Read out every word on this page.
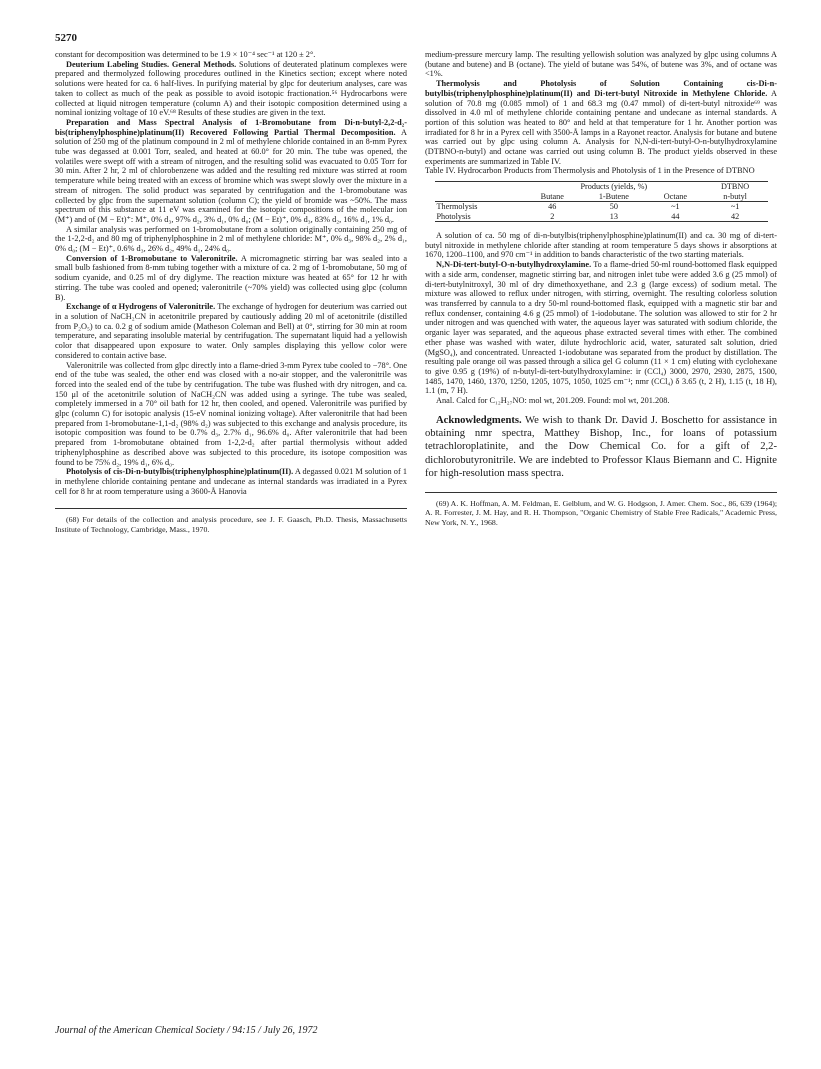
5270

constant for decomposition was determined to be 1.9 × 10⁻⁴ sec⁻¹ at 120 ± 2°.

Deuterium Labeling Studies. General Methods. Solutions of deuterated platinum complexes were prepared and thermolyzed following procedures outlined in the Kinetics section; except where noted solutions were heated for ca. 6 half-lives. In purifying material by glpc for deuterium analyses, care was taken to collect as much of the peak as possible to avoid isotopic fractionation.⁵⁶ Hydrocarbons were collected at liquid nitrogen temperature (column A) and their isotopic composition determined using a nominal ionizing voltage of 10 eV.⁶⁸ Results of these studies are given in the text.

Preparation and Mass Spectral Analysis of 1-Bromobutane from Di-n-butyl-2,2-d₂-bis(triphenylphosphine)platinum(II) Recovered Following Partial Thermal Decomposition. A solution of 250 mg of the platinum compound in 2 ml of methylene chloride contained in an 8-mm Pyrex tube was degassed at 0.001 Torr, sealed, and heated at 60.0° for 20 min. The tube was opened, the volatiles were swept off with a stream of nitrogen, and the resulting solid was evacuated to 0.05 Torr for 30 min. After 2 hr, 2 ml of chlorobenzene was added and the resulting red mixture was stirred at room temperature while being treated with an excess of bromine which was swept slowly over the mixture in a stream of nitrogen. The solid product was separated by centrifugation and the 1-bromobutane was collected by glpc from the supernatant solution (column C); the yield of bromide was ~50%. The mass spectrum of this substance at 11 eV was examined for the isotopic compositions of the molecular ion (M⁺) and of (M − Et)⁺: M⁺, 0% d₃, 97% d₂, 3% d₁, 0% d₀; (M − Et)⁺, 0% d₃, 83% d₂, 16% d₁, 1% d₀.

A similar analysis was performed on 1-bromobutane from a solution originally containing 250 mg of the 1-2,2-d₂ and 80 mg of triphenylphosphine in 2 ml of methylene chloride: M⁺, 0% d₃, 98% d₂, 2% d₁, 0% d₀; (M − Et)⁺, 0.6% d₃, 26% d₂, 49% d₁, 24% d₀.

Conversion of 1-Bromobutane to Valeronitrile. A micromagnetic stirring bar was sealed into a small bulb fashioned from 8-mm tubing together with a mixture of ca. 2 mg of 1-bromobutane, 50 mg of sodium cyanide, and 0.25 ml of dry diglyme. The reaction mixture was heated at 65° for 12 hr with stirring. The tube was cooled and opened; valeronitrile (~70% yield) was collected using glpc (column B).

Exchange of α Hydrogens of Valeronitrile. The exchange of hydrogen for deuterium was carried out in a solution of NaCH₂CN in acetonitrile prepared by cautiously adding 20 ml of acetonitrile (distilled from P₂O₅) to ca. 0.2 g of sodium amide (Matheson Coleman and Bell) at 0°, stirring for 30 min at room temperature, and separating insoluble material by centrifugation. The supernatant liquid had a yellowish color that disappeared upon exposure to water. Only samples displaying this yellow color were considered to contain active base.

Valeronitrile was collected from glpc directly into a flame-dried 3-mm Pyrex tube cooled to −78°. One end of the tube was sealed, the other end was closed with a no-air stopper, and the valeronitrile was forced into the sealed end of the tube by centrifugation. The tube was flushed with dry nitrogen, and ca. 150 μl of the acetonitrile solution of NaCH₂CN was added using a syringe. The tube was sealed, completely immersed in a 70° oil bath for 12 hr, then cooled, and opened. Valeronitrile was purified by glpc (column C) for isotopic analysis (15-eV nominal ionizing voltage). After valeronitrile that had been prepared from 1-bromobutane-1,1-d₂ (98% d₂) was subjected to this exchange and analysis procedure, its isotopic composition was found to be 0.7% d₃, 2.7% d₁, 96.6% d₀. After valeronitrile that had been prepared from 1-bromobutane obtained from 1-2,2-d₂ after partial thermolysis without added triphenylphosphine as described above was subjected to this procedure, its isotope composition was found to be 75% d₂, 19% d₁, 6% d₀.

Photolysis of cis-Di-n-butylbis(triphenylphosphine)platinum(II). A degassed 0.021 M solution of 1 in methylene chloride containing pentane and undecane as internal standards was irradiated in a Pyrex cell for 8 hr at room temperature using a 3600-Å Hanovia

(68) For details of the collection and analysis procedure, see J. F. Gaasch, Ph.D. Thesis, Massachusetts Institute of Technology, Cambridge, Mass., 1970.

medium-pressure mercury lamp. The resulting yellowish solution was analyzed by glpc using columns A (butane and butene) and B (octane). The yield of butane was 54%, of butene was 3%, and of octane was <1%.

Thermolysis and Photolysis of Solution Containing cis-Di-n-butylbis(triphenylphosphine)platinum(II) and Di-tert-butyl Nitroxide in Methylene Chloride. A solution of 70.8 mg (0.085 mmol) of 1 and 68.3 mg (0.47 mmol) of di-tert-butyl nitroxide⁶⁹ was dissolved in 4.0 ml of methylene chloride containing pentane and undecane as internal standards. A portion of this solution was heated to 80° and held at that temperature for 1 hr. Another portion was irradiated for 8 hr in a Pyrex cell with 3500-Å lamps in a Rayonet reactor. Analysis for butane and butene was carried out by glpc using column A. Analysis for N,N-di-tert-butyl-O-n-butylhydroxylamine (DTBNO-n-butyl) and octane was carried out using column B. The product yields observed in these experiments are summarized in Table IV.

Table IV. Hydrocarbon Products from Thermolysis and Photolysis of 1 in the Presence of DTBNO

	Products (yields, %)			DTBNO
	Butane	1-Butene	Octane	n-butyl
Thermolysis	46	50	~1	~1
Photolysis	2	13	44	42

A solution of ca. 50 mg of di-n-butylbis(triphenylphosphine)platinum(II) and ca. 30 mg of di-tert-butyl nitroxide in methylene chloride after standing at room temperature 5 days shows ir absorptions at 1670, 1200–1100, and 970 cm⁻¹ in addition to bands characteristic of the two starting materials.

N,N-Di-tert-butyl-O-n-butylhydroxylamine. To a flame-dried 50-ml round-bottomed flask equipped with a side arm, condenser, magnetic stirring bar, and nitrogen inlet tube were added 3.6 g (25 mmol) of di-tert-butylnitroxyl, 30 ml of dry dimethoxyethane, and 2.3 g (large excess) of sodium metal. The mixture was allowed to reflux under nitrogen, with stirring, overnight. The resulting colorless solution was transferred by cannula to a dry 50-ml round-bottomed flask, equipped with a magnetic stir bar and reflux condenser, containing 4.6 g (25 mmol) of 1-iodobutane. The solution was allowed to stir for 2 hr under nitrogen and was quenched with water, the aqueous layer was saturated with sodium chloride, the organic layer was separated, and the aqueous phase extracted several times with ether. The combined ether phase was washed with water, dilute hydrochloric acid, water, saturated salt solution, dried (MgSO₄), and concentrated. Unreacted 1-iodobutane was separated from the product by distillation. The resulting pale orange oil was passed through a silica gel G column (11 × 1 cm) eluting with cyclohexane to give 0.95 g (19%) of n-butyl-di-tert-butylhydroxylamine: ir (CCl₄) 3000, 2970, 2930, 2875, 1500, 1485, 1470, 1460, 1370, 1250, 1205, 1075, 1050, 1025 cm⁻¹; nmr (CCl₄) δ 3.65 (t, 2 H), 1.15 (t, 18 H), 1.1 (m, 7 H).

Anal. Calcd for C₁₂H₂₇NO: mol wt, 201.209. Found: mol wt, 201.208.

Acknowledgments. We wish to thank Dr. David J. Boschetto for assistance in obtaining nmr spectra, Matthey Bishop, Inc., for loans of potassium tetrachloroplatinite, and the Dow Chemical Co. for a gift of 2,2-dichlorobutyronitrile. We are indebted to Professor Klaus Biemann and C. Hignite for high-resolution mass spectra.

(69) A. K. Hoffman, A. M. Feldman, E. Gelblum, and W. G. Hodgson, J. Amer. Chem. Soc., 86, 639 (1964); A. R. Forrester, J. M. Hay, and R. H. Thompson, "Organic Chemistry of Stable Free Radicals," Academic Press, New York, N. Y., 1968.

Journal of the American Chemical Society / 94:15 / July 26, 1972
